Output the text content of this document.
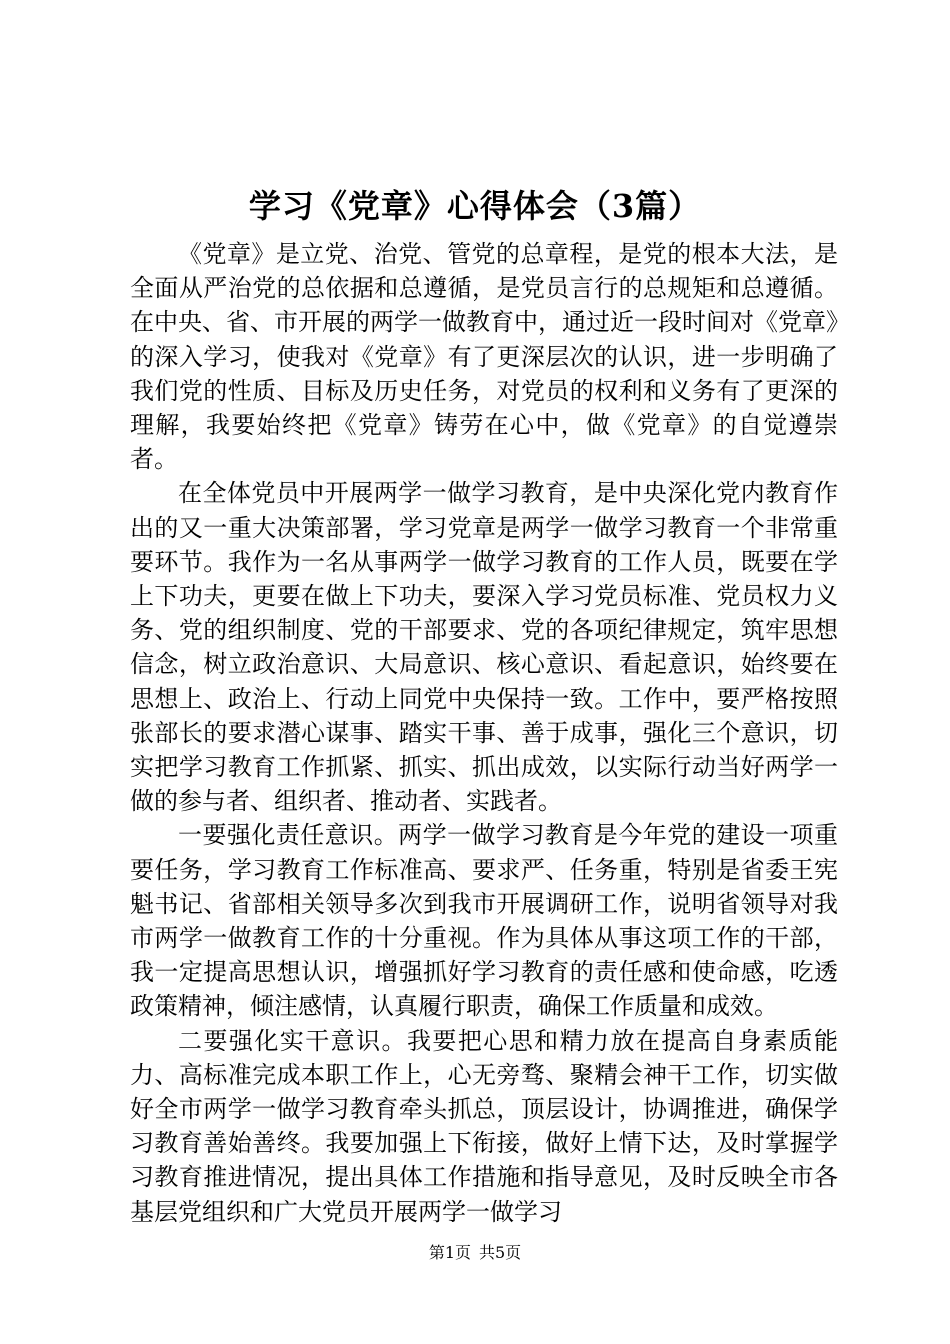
学习《党章》心得体会（3篇）

《党章》是立党、治党、管党的总章程，是党的根本大法，是全面从严治党的总依据和总遵循，是党员言行的总规矩和总遵循。在中央、省、市开展的两学一做教育中，通过近一段时间对《党章》的深入学习，使我对《党章》有了更深层次的认识，进一步明确了我们党的性质、目标及历史任务，对党员的权利和义务有了更深的理解，我要始终把《党章》铸劳在心中，做《党章》的自觉遵崇者。

在全体党员中开展两学一做学习教育，是中央深化党内教育作出的又一重大决策部署，学习党章是两学一做学习教育一个非常重要环节。我作为一名从事两学一做学习教育的工作人员，既要在学上下功夫，更要在做上下功夫，要深入学习党员标准、党员权力义务、党的组织制度、党的干部要求、党的各项纪律规定，筑牢思想信念，树立政治意识、大局意识、核心意识、看起意识，始终要在思想上、政治上、行动上同党中央保持一致。工作中，要严格按照张部长的要求潜心谋事、踏实干事、善于成事，强化三个意识，切实把学习教育工作抓紧、抓实、抓出成效，以实际行动当好两学一做的参与者、组织者、推动者、实践者。

一要强化责任意识。两学一做学习教育是今年党的建设一项重要任务，学习教育工作标准高、要求严、任务重，特别是省委王宪魁书记、省部相关领导多次到我市开展调研工作，说明省领导对我市两学一做教育工作的十分重视。作为具体从事这项工作的干部，我一定提高思想认识，增强抓好学习教育的责任感和使命感，吃透政策精神，倾注感情，认真履行职责，确保工作质量和成效。

二要强化实干意识。我要把心思和精力放在提高自身素质能力、高标准完成本职工作上，心无旁骛、聚精会神干工作，切实做好全市两学一做学习教育牵头抓总，顶层设计，协调推进，确保学习教育善始善终。我要加强上下衔接，做好上情下达，及时掌握学习教育推进情况，提出具体工作措施和指导意见，及时反映全市各基层党组织和广大党员开展两学一做学习

第1页 共5页
